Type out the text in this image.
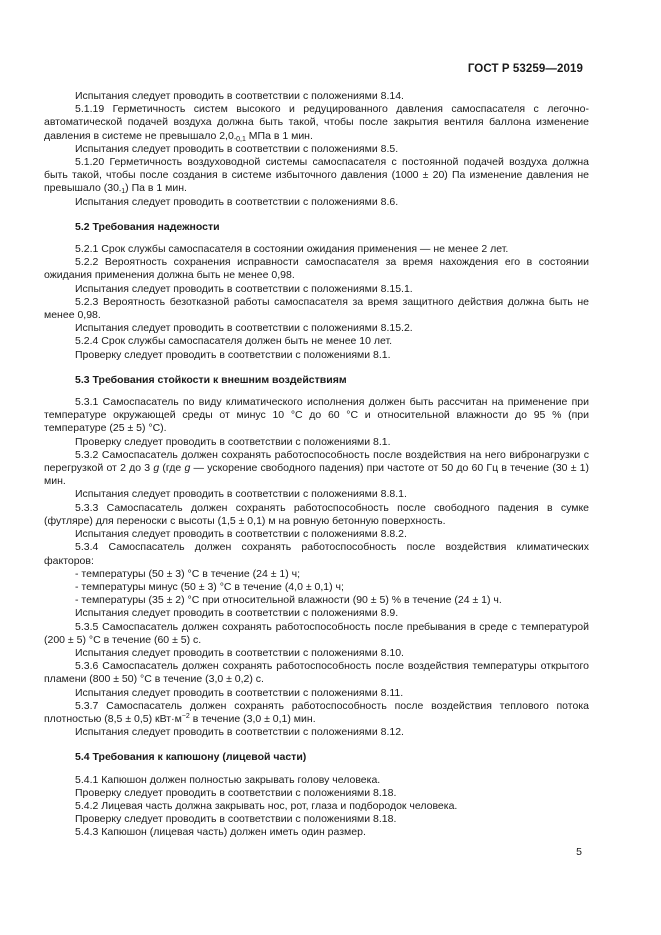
ГОСТ Р 53259—2019
Испытания следует проводить в соответствии с положениями 8.14.
5.1.19 Герметичность систем высокого и редуцированного давления самоспасателя с легочно-автоматической подачей воздуха должна быть такой, чтобы после закрытия вентиля баллона изменение давления в системе не превышало $2,0_{-0,1}$ МПа в 1 мин.
Испытания следует проводить в соответствии с положениями 8.5.
5.1.20 Герметичность воздуховодной системы самоспасателя с постоянной подачей воздуха должна быть такой, чтобы после создания в системе избыточного давления (1000 ± 20) Па изменение давления не превышало $(30_{-1})$ Па в 1 мин.
Испытания следует проводить в соответствии с положениями 8.6.
5.2 Требования надежности
5.2.1 Срок службы самоспасателя в состоянии ожидания применения — не менее 2 лет.
5.2.2 Вероятность сохранения исправности самоспасателя за время нахождения его в состоянии ожидания применения должна быть не менее 0,98.
Испытания следует проводить в соответствии с положениями 8.15.1.
5.2.3 Вероятность безотказной работы самоспасателя за время защитного действия должна быть не менее 0,98.
Испытания следует проводить в соответствии с положениями 8.15.2.
5.2.4 Срок службы самоспасателя должен быть не менее 10 лет.
Проверку следует проводить в соответствии с положениями 8.1.
5.3 Требования стойкости к внешним воздействиям
5.3.1 Самоспасатель по виду климатического исполнения должен быть рассчитан на применение при температуре окружающей среды от минус 10 °С до 60 °С и относительной влажности до 95 % (при температуре (25 ± 5) °С).
Проверку следует проводить в соответствии с положениями 8.1.
5.3.2 Самоспасатель должен сохранять работоспособность после воздействия на него вибронагрузки с перегрузкой от 2 до 3 g (где g — ускорение свободного падения) при частоте от 50 до 60 Гц в течение (30 ± 1) мин.
Испытания следует проводить в соответствии с положениями 8.8.1.
5.3.3 Самоспасатель должен сохранять работоспособность после свободного падения в сумке (футляре) для переноски с высоты (1,5 ± 0,1) м на ровную бетонную поверхность.
Испытания следует проводить в соответствии с положениями 8.8.2.
5.3.4 Самоспасатель должен сохранять работоспособность после воздействия климатических факторов:
- температуры (50 ± 3) °С в течение (24 ± 1) ч;
- температуры минус (50 ± 3) °С в течение (4,0 ± 0,1) ч;
- температуры (35 ± 2) °С при относительной влажности (90 ± 5) % в течение (24 ± 1) ч.
Испытания следует проводить в соответствии с положениями 8.9.
5.3.5 Самоспасатель должен сохранять работоспособность после пребывания в среде с температурой (200 ± 5) °С в течение (60 ± 5) с.
Испытания следует проводить в соответствии с положениями 8.10.
5.3.6 Самоспасатель должен сохранять работоспособность после воздействия температуры открытого пламени (800 ± 50) °С в течение (3,0 ± 0,2) с.
Испытания следует проводить в соответствии с положениями 8.11.
5.3.7 Самоспасатель должен сохранять работоспособность после воздействия теплового потока плотностью (8,5 ± 0,5) $кВт\cdot м^{-2}$ в течение (3,0 ± 0,1) мин.
Испытания следует проводить в соответствии с положениями 8.12.
5.4 Требования к капюшону (лицевой части)
5.4.1 Капюшон должен полностью закрывать голову человека.
Проверку следует проводить в соответствии с положениями 8.18.
5.4.2 Лицевая часть должна закрывать нос, рот, глаза и подбородок человека.
Проверку следует проводить в соответствии с положениями 8.18.
5.4.3 Капюшон (лицевая часть) должен иметь один размер.
5
